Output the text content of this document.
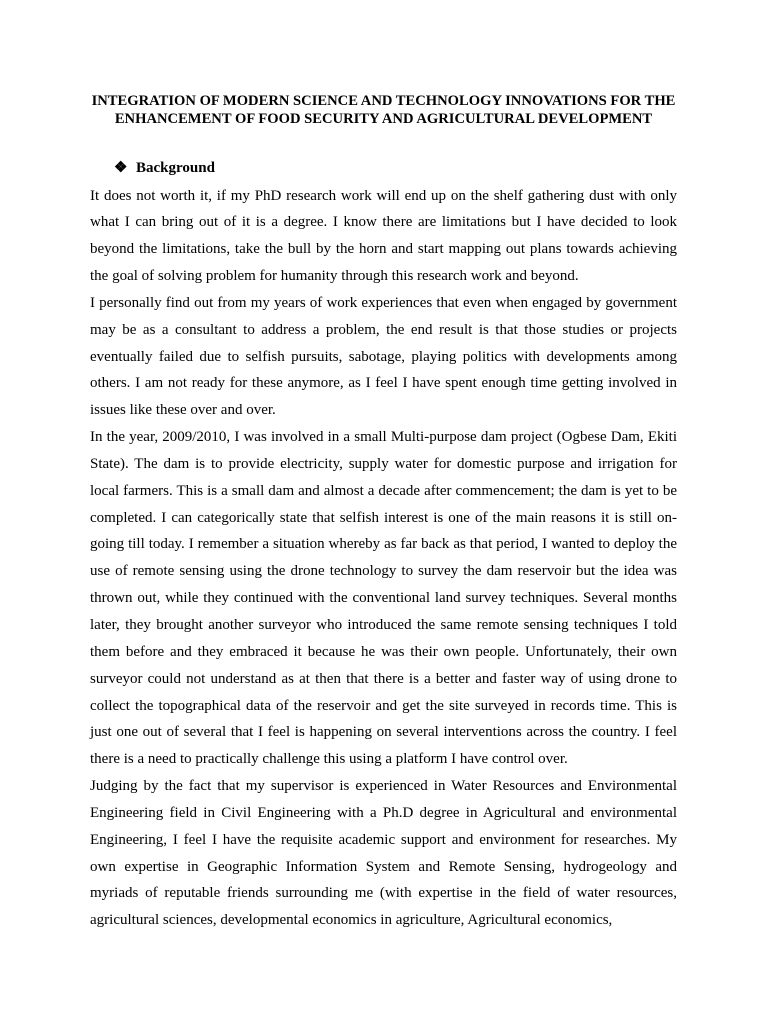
INTEGRATION OF MODERN SCIENCE AND TECHNOLOGY INNOVATIONS FOR THE ENHANCEMENT OF FOOD SECURITY AND AGRICULTURAL DEVELOPMENT
❖ Background

It does not worth it, if my PhD research work will end up on the shelf gathering dust with only what I can bring out of it is a degree. I know there are limitations but I have decided to look beyond the limitations, take the bull by the horn and start mapping out plans towards achieving the goal of solving problem for humanity through this research work and beyond.

I personally find out from my years of work experiences that even when engaged by government may be as a consultant to address a problem, the end result is that those studies or projects eventually failed due to selfish pursuits, sabotage, playing politics with developments among others. I am not ready for these anymore, as I feel I have spent enough time getting involved in issues like these over and over.

In the year, 2009/2010, I was involved in a small Multi-purpose dam project (Ogbese Dam, Ekiti State). The dam is to provide electricity, supply water for domestic purpose and irrigation for local farmers. This is a small dam and almost a decade after commencement; the dam is yet to be completed. I can categorically state that selfish interest is one of the main reasons it is still on-going till today. I remember a situation whereby as far back as that period, I wanted to deploy the use of remote sensing using the drone technology to survey the dam reservoir but the idea was thrown out, while they continued with the conventional land survey techniques. Several months later, they brought another surveyor who introduced the same remote sensing techniques I told them before and they embraced it because he was their own people. Unfortunately, their own surveyor could not understand as at then that there is a better and faster way of using drone to collect the topographical data of the reservoir and get the site surveyed in records time. This is just one out of several that I feel is happening on several interventions across the country. I feel there is a need to practically challenge this using a platform I have control over.

Judging by the fact that my supervisor is experienced in Water Resources and Environmental Engineering field in Civil Engineering with a Ph.D degree in Agricultural and environmental Engineering, I feel I have the requisite academic support and environment for researches. My own expertise in Geographic Information System and Remote Sensing, hydrogeology and myriads of reputable friends surrounding me (with expertise in the field of water resources, agricultural sciences, developmental economics in agriculture, Agricultural economics,
